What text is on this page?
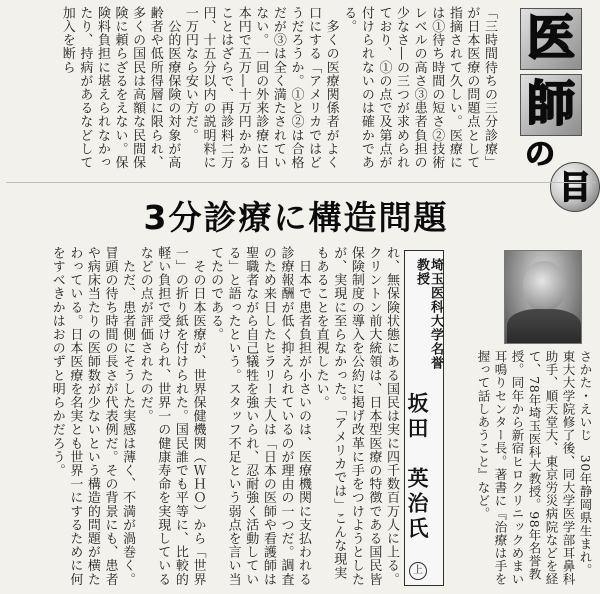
医
師
の
目
「三時間待ちの三分診療」が日本医療の問題点として指摘されて久しい。医療には①待ち時間の短さ②技術レベルの高さ③患者負担の少なさ―の三つが求められており、①の点で及第点が付けられないのは確かである。
　多くの医療関係者がよく口にする「アメリカではどうだろうか。①と②は合格だが③は全く満たされていない。一回の外来診療に日本円で五万―十万円かかることはざらで、再診料二万円、十五分以内の説明料に一万円なら安い方だ。
　公的医療保険の対象が高齢者や低所得層に限られ、多くの国民は高額な民間保険に頼らざるをえない。保険料負担に堪えられなかったり、持病があるなどして加入を断ら
3分診療に構造問題
れ、無保険状態にある国民は実に四千数百万人に上る。クリントン前大統領は、日本型医療の特徴である国民皆保険制度の導入を公約に掲げ改革に手をつけようとしたが、実現に至らなかった。「アメリカでは」こんな現実もあることを直視したい。
　日本で患者負担が小さいのは、医療機関に支払われる診療報酬が低く抑えられているのが理由の一つだ。調査のため来日したヒラリー夫人は「日本の医師や看護師は聖職者ながら自己犠牲を強いられ、忍耐強く活動している」と語ったという。スタッフ不足という弱点を言い当てたのである。
　その日本医療が、世界保健機関（ＷＨＯ）から「世界一」の折り紙を付けられた。国民誰でも平等に、比較的軽い負担で受けられ、世界一の健康寿命を実現しているなどの点が評価されたのだ。
　ただ、患者側にそうした実感は薄く、不満が渦巻く。冒頭の待ち時間の長さが代表例だ。その背景にも、患者や病床当たりの医師数が少ないという構造的問題が横たわっている。日本医療を名実とも世界一にするために何をすべきかはおのずと明らかだろう。	埼玉医科大学名誉教授
坂田　英治氏
上	さかた・えいじ　30年静岡県生まれ。東大大学院修了後、同大学医学部耳鼻科助手、順天堂大、東京労災病院などを経て、78年埼玉医科大教授。98年名誉教授。同年から新宿ヒロクリニックめまい耳鳴りセンター長。著書に『治療は手を握って話しあうこと』など。
